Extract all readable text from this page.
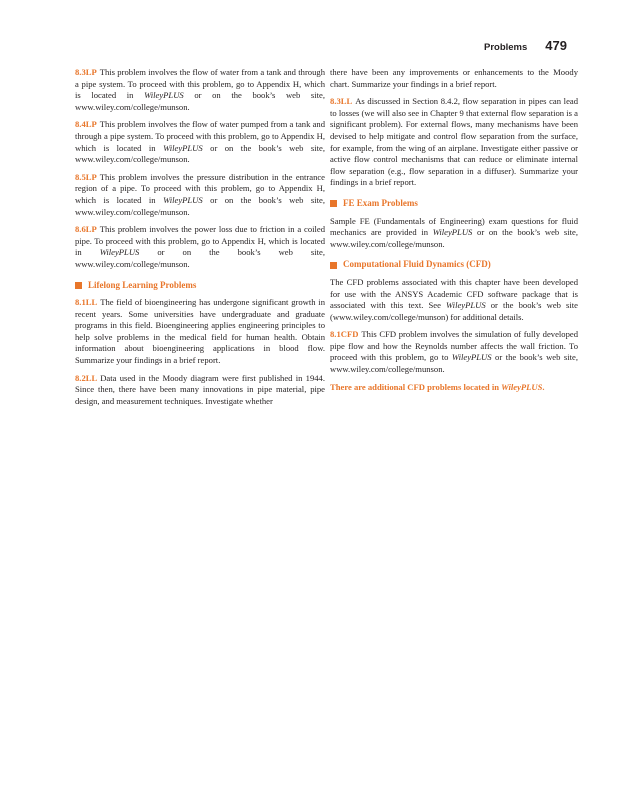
Problems 479

8.3LP This problem involves the flow of water from a tank and through a pipe system. To proceed with this problem, go to Appendix H, which is located in WileyPLUS or on the book’s web site, www.wiley.com/college/munson.

8.4LP This problem involves the flow of water pumped from a tank and through a pipe system. To proceed with this problem, go to Appendix H, which is located in WileyPLUS or on the book’s web site, www.wiley.com/college/munson.

8.5LP This problem involves the pressure distribution in the entrance region of a pipe. To proceed with this problem, go to Appendix H, which is located in WileyPLUS or on the book’s web site, www.wiley.com/college/munson.

8.6LP This problem involves the power loss due to friction in a coiled pipe. To proceed with this problem, go to Appendix H, which is located in WileyPLUS or on the book’s web site, www.wiley.com/college/munson.

Lifelong Learning Problems

8.1LL The field of bioengineering has undergone significant growth in recent years. Some universities have undergraduate and graduate programs in this field. Bioengineering applies engineering principles to help solve problems in the medical field for human health. Obtain information about bioengineering applications in blood flow. Summarize your findings in a brief report.

8.2LL Data used in the Moody diagram were first published in 1944. Since then, there have been many innovations in pipe material, pipe design, and measurement techniques. Investigate whether

there have been any improvements or enhancements to the Moody chart. Summarize your findings in a brief report.

8.3LL As discussed in Section 8.4.2, flow separation in pipes can lead to losses (we will also see in Chapter 9 that external flow separation is a significant problem). For external flows, many mechanisms have been devised to help mitigate and control flow separation from the surface, for example, from the wing of an airplane. Investigate either passive or active flow control mechanisms that can reduce or eliminate internal flow separation (e.g., flow separation in a diffuser). Summarize your findings in a brief report.

FE Exam Problems

Sample FE (Fundamentals of Engineering) exam questions for fluid mechanics are provided in WileyPLUS or on the book’s web site, www.wiley.com/college/munson.

Computational Fluid Dynamics (CFD)

The CFD problems associated with this chapter have been developed for use with the ANSYS Academic CFD software package that is associated with this text. See WileyPLUS or the book’s web site (www.wiley.com/college/munson) for additional details.

8.1CFD This CFD problem involves the simulation of fully developed pipe flow and how the Reynolds number affects the wall friction. To proceed with this problem, go to WileyPLUS or the book’s web site, www.wiley.com/college/munson.

There are additional CFD problems located in WileyPLUS.
